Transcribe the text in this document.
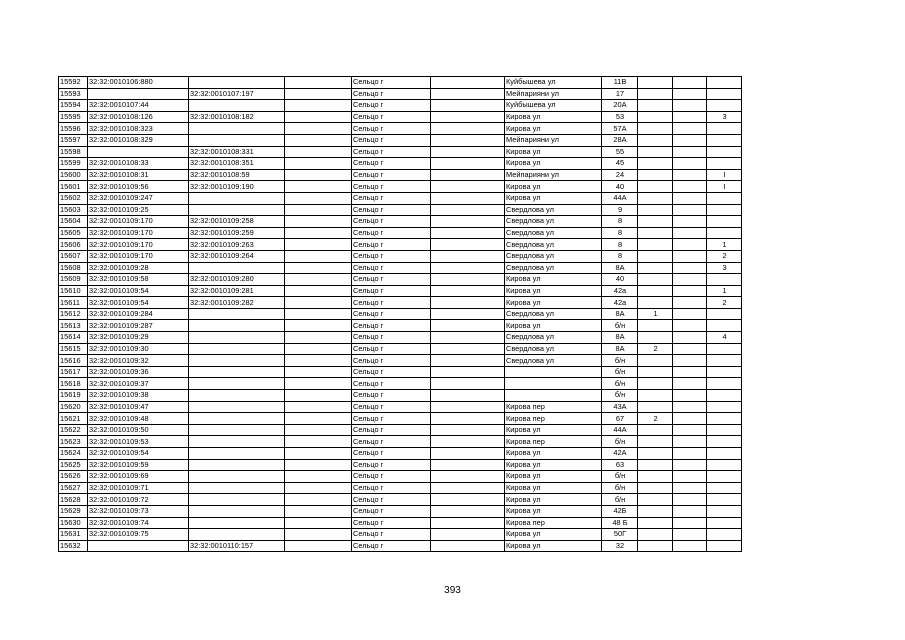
15592	32:32:0010106:880			Сельцо г		Куйбышева ул	11В			
15593		32:32:0010107:197		Сельцо г		Мейпарияни ул	17			
15594	32:32:0010107:44			Сельцо г		Куйбышева ул	20А			
15595	32:32:0010108:126	32:32:0010108:182		Сельцо г		Кирова ул	53			3
15596	32:32:0010108:323			Сельцо г		Кирова ул	57А			
15597	32:32:0010108:329			Сельцо г		Мейпарияни ул	28А			
15598		32:32:0010108:331		Сельцо г		Кирова ул	55			
15599	32:32:0010108:33	32:32:0010108:351		Сельцо г		Кирова ул	45			
15600	32:32:0010108:31	32:32:0010108:59		Сельцо г		Мейпарияни ул	24			I
15601	32:32:0010109:56	32:32:0010109:190		Сельцо г		Кирова ул	40			I
15602	32:32:0010109:247			Сельцо г		Кирова ул	44А			
15603	32:32:0010109:25			Сельцо г		Свердлова ул	9			
15604	32:32:0010109:170	32:32:0010109:258		Сельцо г		Свердлова ул	8			
15605	32:32:0010109:170	32:32:0010109:259		Сельцо г		Свердлова ул	8			
15606	32:32:0010109:170	32:32:0010109:263		Сельцо г		Свердлова ул	8			1
15607	32:32:0010109:170	32:32:0010109:264		Сельцо г		Свердлова ул	8			2
15608	32:32:0010109:28			Сельцо г		Свердлова ул	8А			3
15609	32:32:0010109:58	32:32:0010109:280		Сельцо г		Кирова ул	40			
15610	32:32:0010109:54	32:32:0010109:281		Сельцо г		Кирова ул	42а			1
15611	32:32:0010109:54	32:32:0010109:282		Сельцо г		Кирова ул	42а			2
15612	32:32:0010109:284			Сельцо г		Свердлова ул	8А	1		
15613	32:32:0010109:287			Сельцо г		Кирова ул	б/н			
15614	32:32:0010109:29			Сельцо г		Свердлова ул	8А			4
15615	32:32:0010109:30			Сельцо г		Свердлова ул	8А	2		
15616	32:32:0010109:32			Сельцо г		Свердлова ул	б/н			
15617	32:32:0010109:36			Сельцо г			б/н			
15618	32:32:0010109:37			Сельцо г			б/н			
15619	32:32:0010109:38			Сельцо г			б/н			
15620	32:32:0010109:47			Сельцо г		Кирова пер	43А			
15621	32:32:0010109:48			Сельцо г		Кирова пер	67	2		
15622	32:32:0010109:50			Сельцо г		Кирова ул	44А			
15623	32:32:0010109:53			Сельцо г		Кирова пер	б/н			
15624	32:32:0010109:54			Сельцо г		Кирова ул	42А			
15625	32:32:0010109:59			Сельцо г		Кирова ул	63			
15626	32:32:0010109:69			Сельцо г		Кирова ул	б/н			
15627	32:32:0010109:71			Сельцо г		Кирова ул	б/н			
15628	32:32:0010109:72			Сельцо г		Кирова ул	б/н			
15629	32:32:0010109:73			Сельцо г		Кирова ул	42Б			
15630	32:32:0010109:74			Сельцо г		Кирова пер	48 Б			
15631	32:32:0010109:75			Сельцо г		Кирова ул	50Г			
15632		32:32:0010110:157		Сельцо г		Кирова ул	32			
393
